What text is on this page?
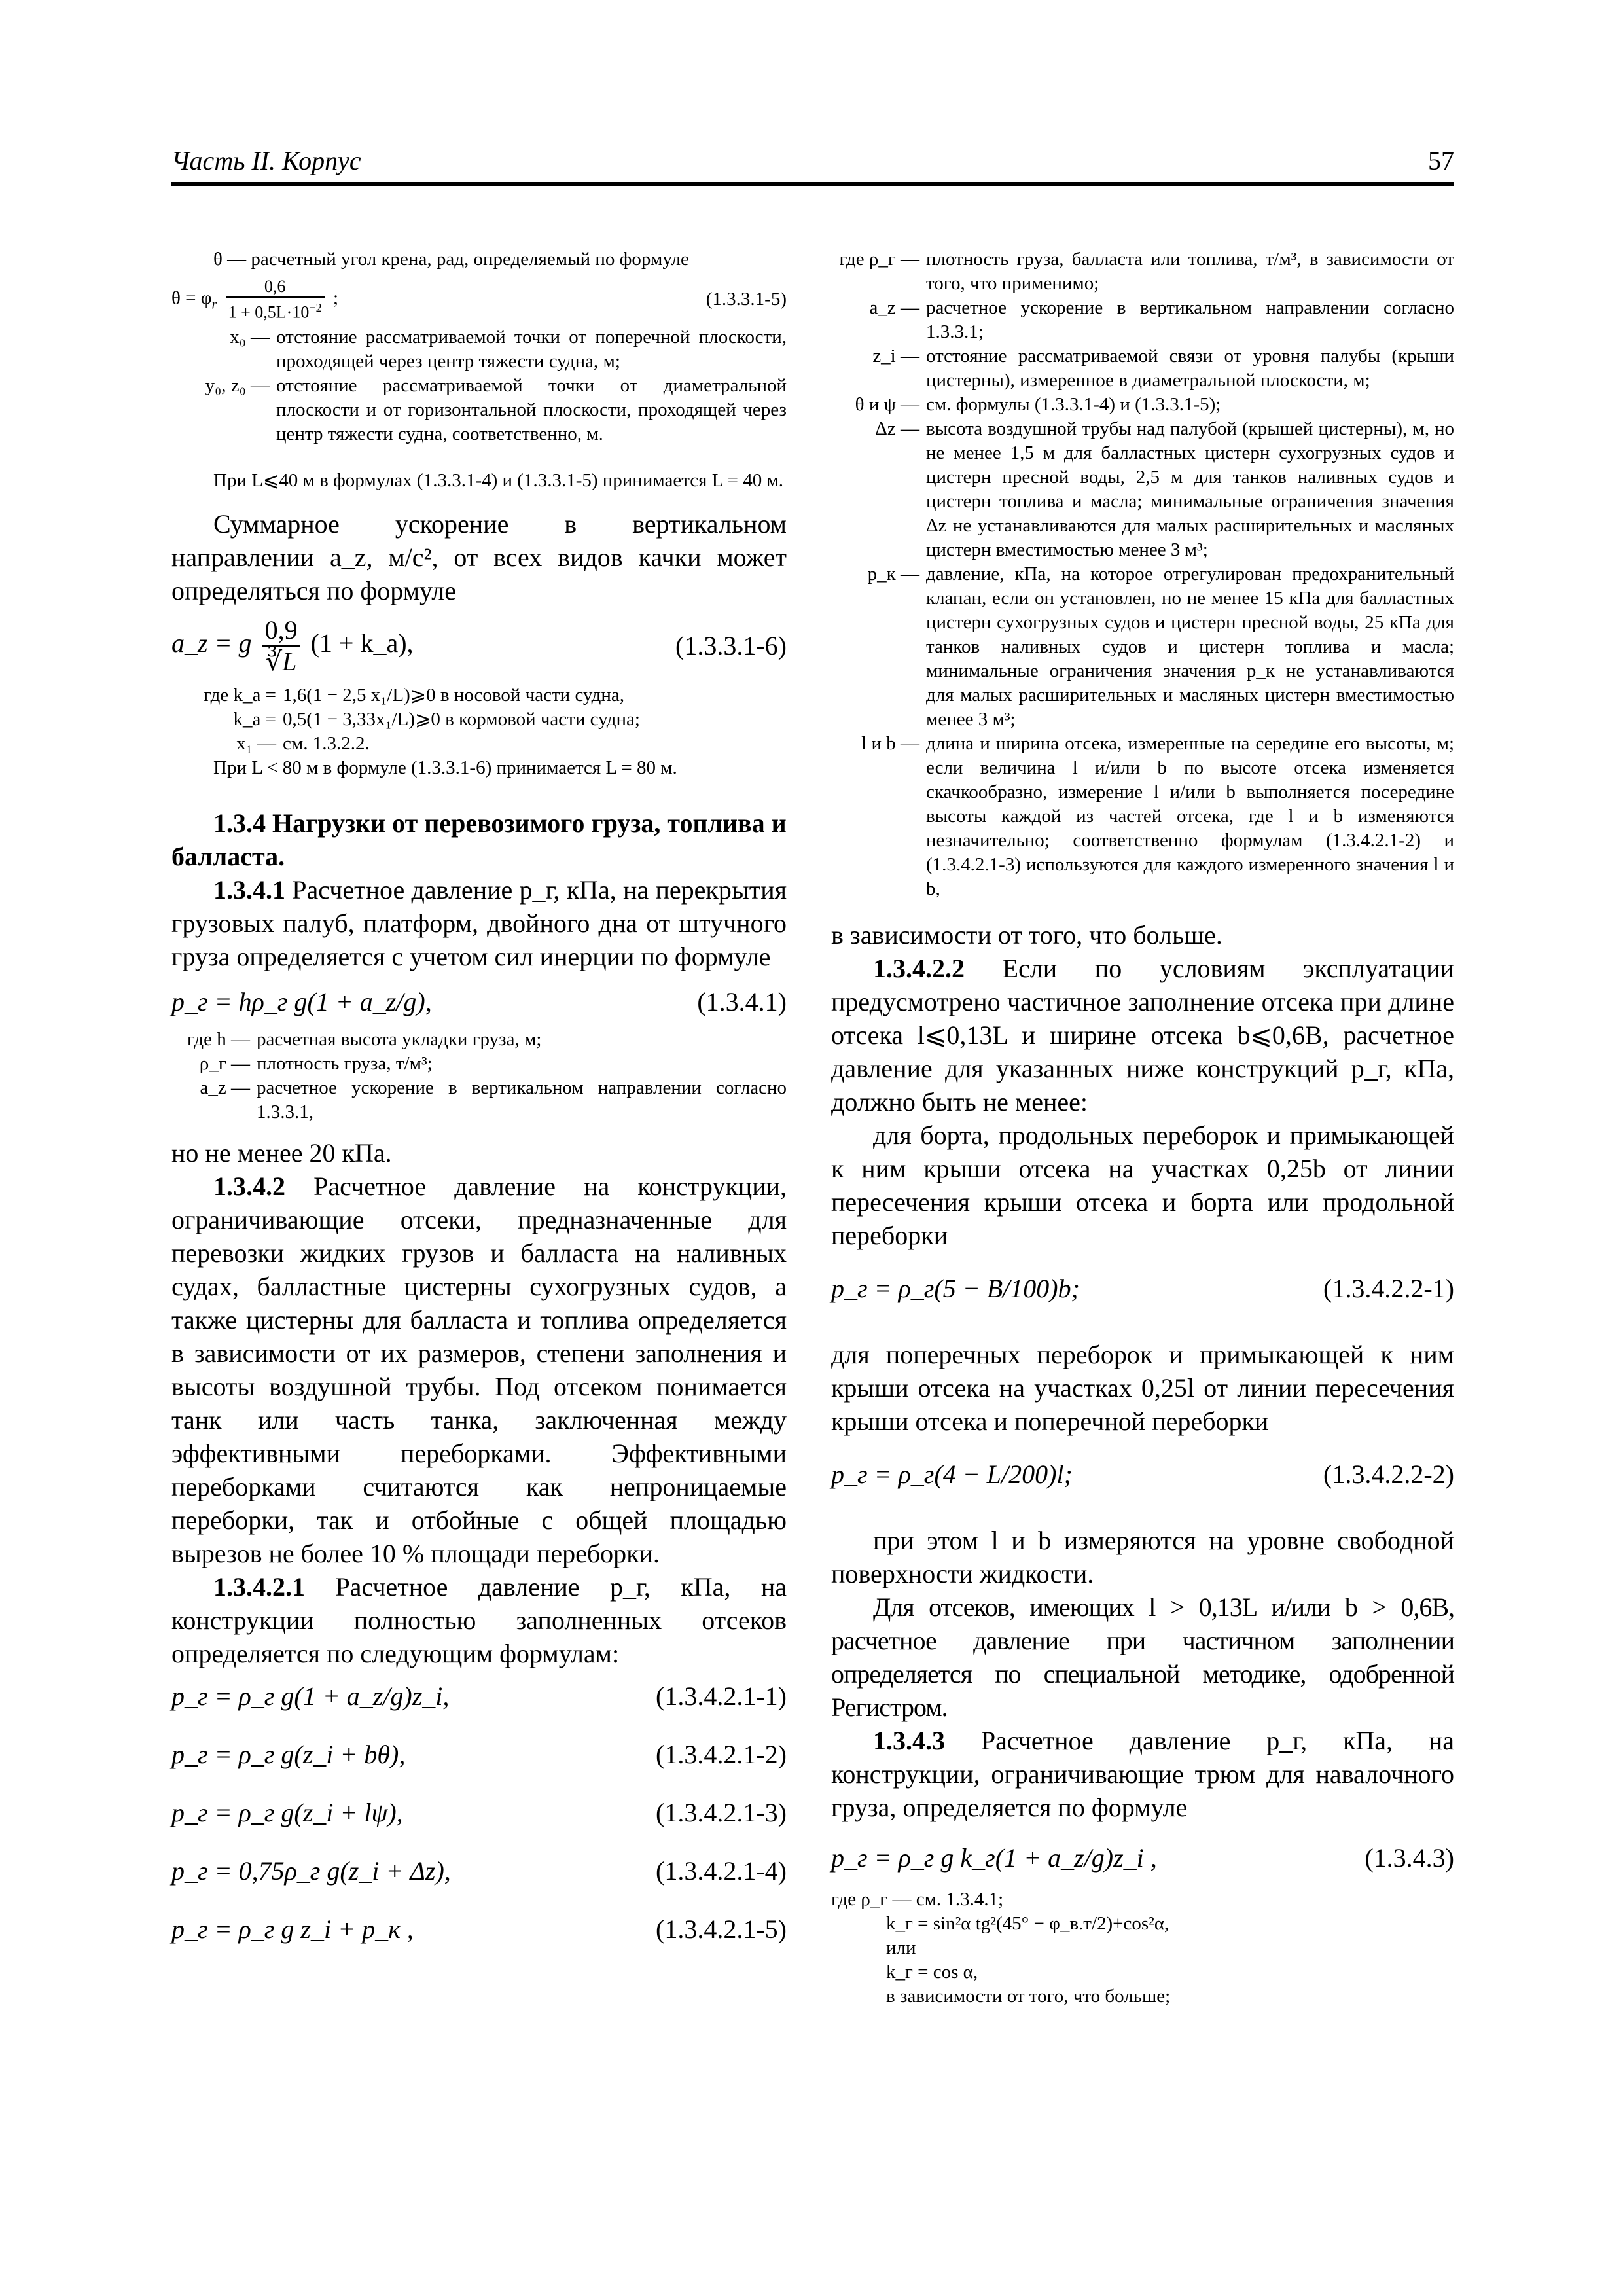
Часть II. Корпус	57
θ — расчетный угол крена, рад, определяемый по формуле
$\theta = \varphi_r \frac{0,6}{1 + 0,5L\cdot 10^{-2}}$ ;	(1.3.3.1-5)
x₀ — отстояние рассматриваемой точки от поперечной плоскости, проходящей через центр тяжести судна, м;
y₀, z₀ — отстояние рассматриваемой точки от диаметральной плоскости и от горизонтальной плоскости, проходящей через центр тяжести судна, соответственно, м.

При L⩽40 м в формулах (1.3.3.1-4) и (1.3.3.1-5) принимается L = 40 м.

Суммарное ускорение в вертикальном направлении a_z, м/с², от всех видов качки может определяться по формуле

a_z = g $\frac{0,9}{∛L} (1$ + k_a),	(1.3.3.1-6)
где k_a = 1,6(1 − 2,5 x₁/L)⩾0 в носовой части судна,
k_a = 0,5(1 − 3,33x₁/L)⩾0 в кормовой части судна;
x₁ — см. 1.3.2.2.
При L < 80 м в формуле (1.3.3.1-6) принимается L = 80 м.

1.3.4 Нагрузки от перевозимого груза, топлива и балласта.

1.3.4.1 Расчетное давление p_г, кПа, на перекрытия грузовых палуб, платформ, двойного дна от штучного груза определяется с учетом сил инерции по формуле

p_г = hρ_г g(1 + a_z/g),	(1.3.4.1)
где h — расчетная высота укладки груза, м;
ρ_г — плотность груза, т/м³;
a_z — расчетное ускорение в вертикальном направлении согласно 1.3.3.1,

но не менее 20 кПа.

1.3.4.2 Расчетное давление на конструкции, ограничивающие отсеки, предназначенные для перевозки жидких грузов и балласта на наливных судах, балластные цистерны сухогрузных судов, а также цистерны для балласта и топлива определяется в зависимости от их размеров, степени заполнения и высоты воздушной трубы. Под отсеком понимается танк или часть танка, заключенная между эффективными переборками. Эффективными переборками считаются как непроницаемые переборки, так и отбойные с общей площадью вырезов не более 10 % площади переборки.

1.3.4.2.1 Расчетное давление p_г, кПа, на конструкции полностью заполненных отсеков определяется по следующим формулам:

p_г = ρ_г g(1 + a_z/g)z_i,	(1.3.4.2.1-1)
p_г = ρ_г g(z_i + bθ),	(1.3.4.2.1-2)
p_г = ρ_г g(z_i + lψ),	(1.3.4.2.1-3)
p_г = 0,75ρ_г g(z_i + Δz),	(1.3.4.2.1-4)
p_г = ρ_г g z_i + p_к ,	(1.3.4.2.1-5)
где ρ_г — плотность груза, балласта или топлива, т/м³, в зависимости от того, что применимо;
a_z — расчетное ускорение в вертикальном направлении согласно 1.3.3.1;
z_i — отстояние рассматриваемой связи от уровня палубы (крыши цистерны), измеренное в диаметральной плоскости, м;
θ и ψ — см. формулы (1.3.3.1-4) и (1.3.3.1-5);
Δz — высота воздушной трубы над палубой (крышей цистерны), м, но не менее 1,5 м для балластных цистерн сухогрузных судов и цистерн пресной воды, 2,5 м для танков наливных судов и цистерн топлива и масла; минимальные ограничения значения Δz не устанавливаются для малых расширительных и масляных цистерн вместимостью менее 3 м³;
p_к — давление, кПа, на которое отрегулирован предохранительный клапан, если он установлен, но не менее 15 кПа для балластных цистерн сухогрузных судов и цистерн пресной воды, 25 кПа для танков наливных судов и цистерн топлива и масла; минимальные ограничения значения p_к не устанавливаются для малых расширительных и масляных цистерн вместимостью менее 3 м³;
l и b — длина и ширина отсека, измеренные на середине его высоты, м; если величина l и/или b по высоте отсека изменяется скачкообразно, измерение l и/или b выполняется посередине высоты каждой из частей отсека, где l и b изменяются незначительно; соответственно формулам (1.3.4.2.1-2) и (1.3.4.2.1-3) используются для каждого измеренного значения l и b,

в зависимости от того, что больше.

1.3.4.2.2 Если по условиям эксплуатации предусмотрено частичное заполнение отсека при длине отсека l⩽0,13L и ширине отсека b⩽0,6B, расчетное давление для указанных ниже конструкций p_г, кПа, должно быть не менее:

для борта, продольных переборок и примыкающей к ним крыши отсека на участках 0,25b от линии пересечения крыши отсека и борта или продольной переборки

p_г = ρ_г(5 − B/100)b;	(1.3.4.2.2-1)

для поперечных переборок и примыкающей к ним крыши отсека на участках 0,25l от линии пересечения крыши отсека и поперечной переборки

p_г = ρ_г(4 − L/200)l;	(1.3.4.2.2-2)

при этом l и b измеряются на уровне свободной поверхности жидкости.

Для отсеков, имеющих l > 0,13L и/или b > 0,6B, расчетное давление при частичном заполнении определяется по специальной методике, одобренной Регистром.

1.3.4.3 Расчетное давление p_г, кПа, на конструкции, ограничивающие трюм для навалочного груза, определяется по формуле

p_г = ρ_г g k_г(1 + a_z/g)z_i ,	(1.3.4.3)
где ρ_г — см. 1.3.4.1;
k_г = sin²α tg²(45° − φ_в.т/2)+cos²α,
или
k_г = cos α,
в зависимости от того, что больше;
